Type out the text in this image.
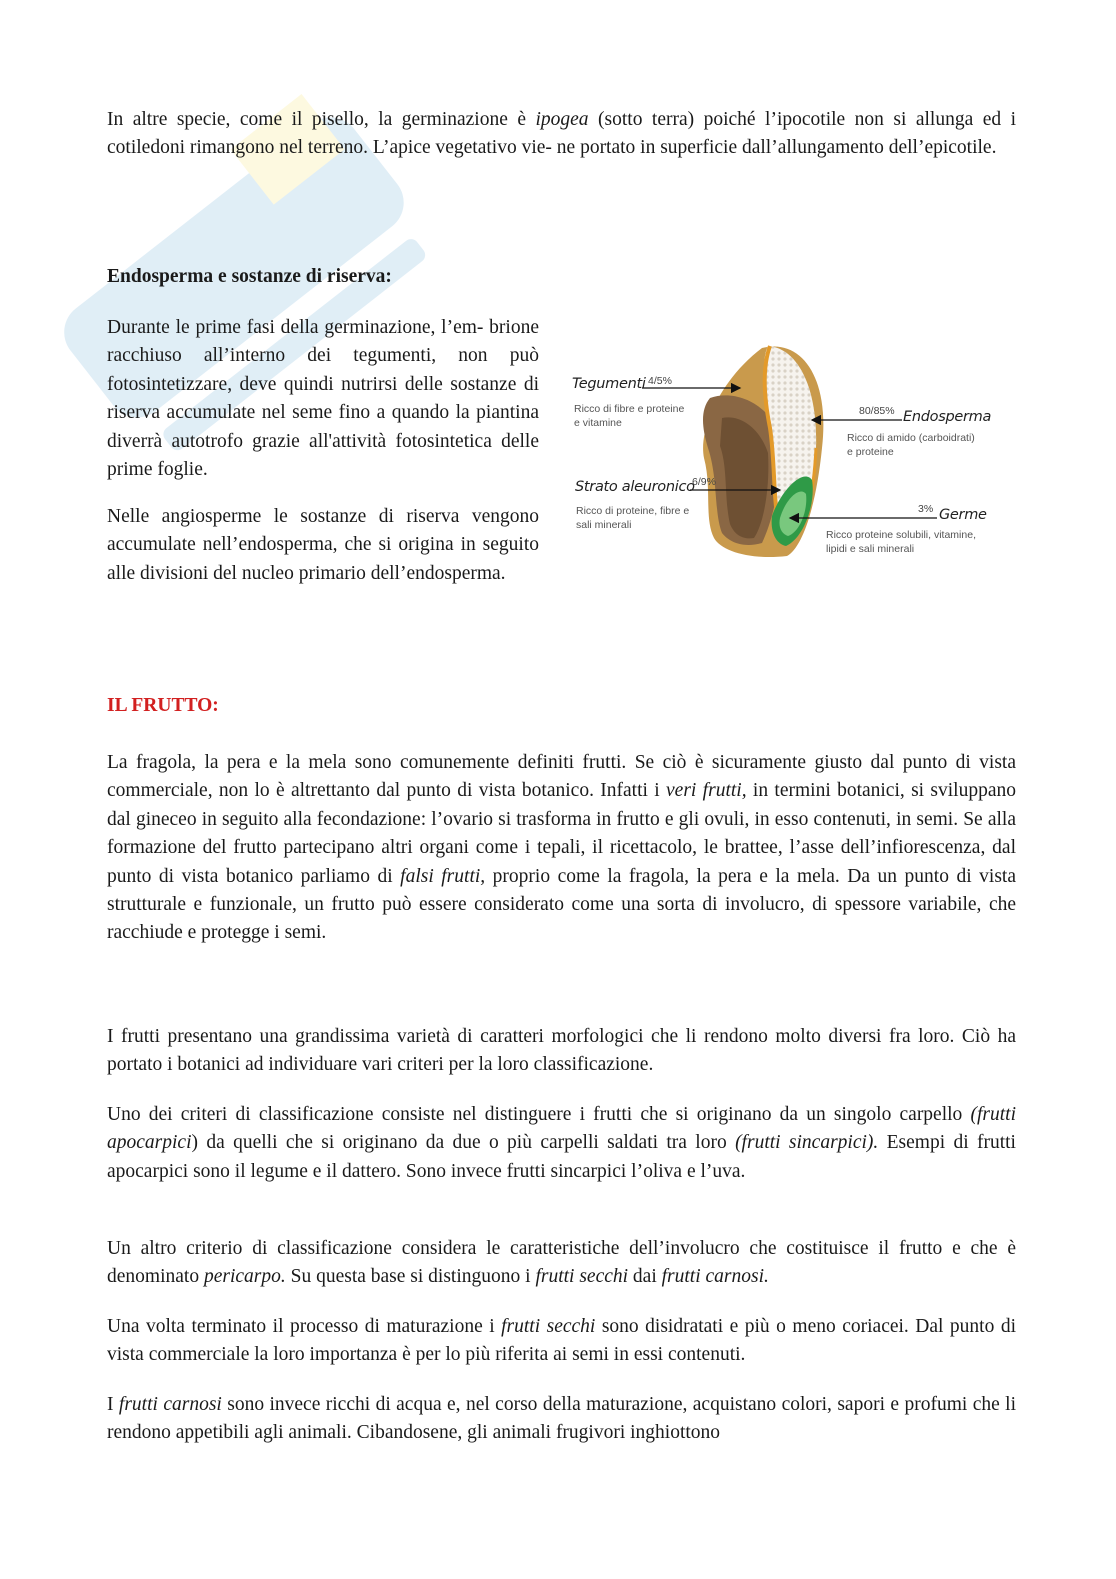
In altre specie, come il pisello, la germinazione è ipogea (sotto terra) poiché l’ipocotile non si allunga ed i cotiledoni rimangono nel terreno. L’apice vegetativo vie- ne portato in superficie dall’allungamento dell’epicotile.

Endosperma e sostanze di riserva:

Durante le prime fasi della germinazione, l’em- brione racchiuso all’interno dei tegumenti, non può fotosintetizzare, deve quindi nutrirsi delle sostanze di riserva accumulate nel seme fino a quando la piantina diverrà autotrofo grazie all'attività fotosintetica delle prime foglie.

Nelle angiosperme le sostanze di riserva vengono accumulate nell’endosperma, che si origina in seguito alle divisioni del nucleo primario dell’endosperma.

Tegumenti 4/5%
Ricco di fibre e proteine
e vitamine	Endosperma
80/85%
Ricco di amido (carboidrati)
e proteine
Strato aleuronico
6/9%
Ricco di proteine, fibre e
sali minerali
Germe
3%
Ricco proteine solubili, vitamine,
lipidi e sali minerali

IL FRUTTO:

La fragola, la pera e la mela sono comunemente definiti frutti. Se ciò è sicuramente giusto dal punto di vista commerciale, non lo è altrettanto dal punto di vista botanico. Infatti i veri frutti, in termini botanici, si sviluppano dal gineceo in seguito alla fecondazione: l’ovario si trasforma in frutto e gli ovuli, in esso contenuti, in semi. Se alla formazione del frutto partecipano altri organi come i tepali, il ricettacolo, le brattee, l’asse dell’infiorescenza, dal punto di vista botanico parliamo di falsi frutti, proprio come la fragola, la pera e la mela. Da un punto di vista strutturale e funzionale, un frutto può essere considerato come una sorta di involucro, di spessore variabile, che racchiude e protegge i semi.

I frutti presentano una grandissima varietà di caratteri morfologici che li rendono molto diversi fra loro. Ciò ha portato i botanici ad individuare vari criteri per la loro classificazione.

Uno dei criteri di classificazione consiste nel distinguere i frutti che si originano da un singolo carpello (frutti apocarpici) da quelli che si originano da due o più carpelli saldati tra loro (frutti sincarpici). Esempi di frutti apocarpici sono il legume e il dattero. Sono invece frutti sincarpici l’oliva e l’uva.

Un altro criterio di classificazione considera le caratteristiche dell’involucro che costituisce il frutto e che è denominato pericarpo. Su questa base si distinguono i frutti secchi dai frutti carnosi.

Una volta terminato il processo di maturazione i frutti secchi sono disidratati e più o meno coriacei. Dal punto di vista commerciale la loro importanza è per lo più riferita ai semi in essi contenuti.

I frutti carnosi sono invece ricchi di acqua e, nel corso della maturazione, acquistano colori, sapori e profumi che li rendono appetibili agli animali. Cibandosene, gli animali frugivori inghiottono
